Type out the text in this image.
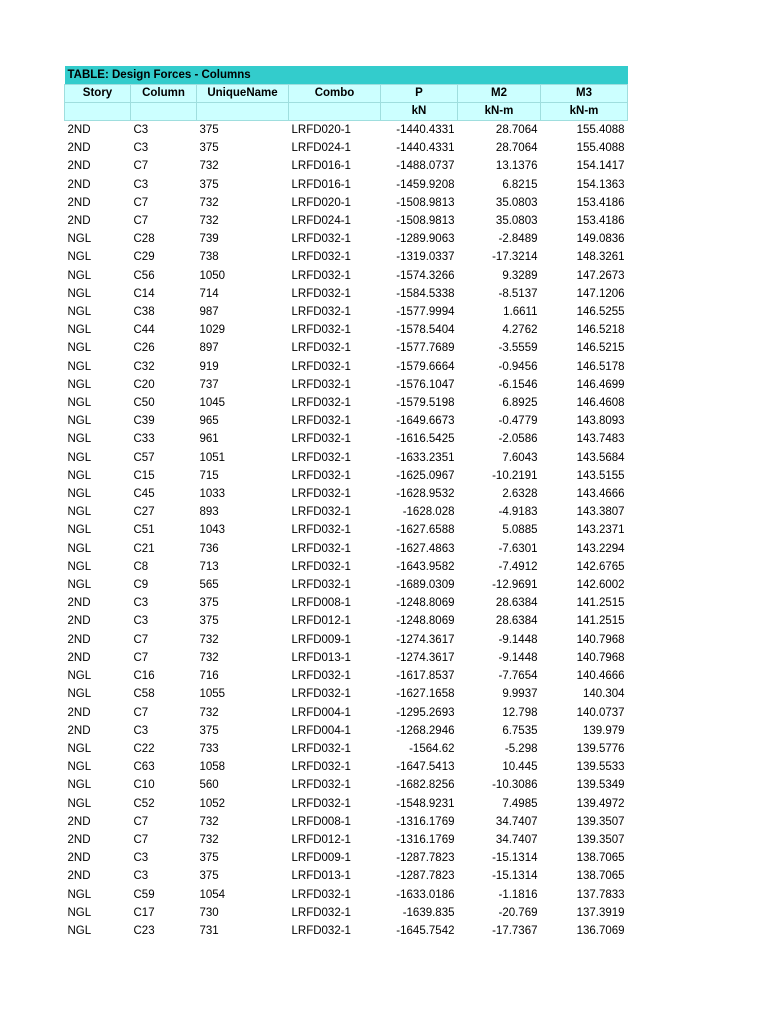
TABLE: Design Forces - Columns						
Story	Column	UniqueName	Combo	P	M2	M3
				kN	kN-m	kN-m
2ND	C3	375	LRFD020-1	-1440.4331	28.7064	155.4088
2ND	C3	375	LRFD024-1	-1440.4331	28.7064	155.4088
2ND	C7	732	LRFD016-1	-1488.0737	13.1376	154.1417
2ND	C3	375	LRFD016-1	-1459.9208	6.8215	154.1363
2ND	C7	732	LRFD020-1	-1508.9813	35.0803	153.4186
2ND	C7	732	LRFD024-1	-1508.9813	35.0803	153.4186
NGL	C28	739	LRFD032-1	-1289.9063	-2.8489	149.0836
NGL	C29	738	LRFD032-1	-1319.0337	-17.3214	148.3261
NGL	C56	1050	LRFD032-1	-1574.3266	9.3289	147.2673
NGL	C14	714	LRFD032-1	-1584.5338	-8.5137	147.1206
NGL	C38	987	LRFD032-1	-1577.9994	1.6611	146.5255
NGL	C44	1029	LRFD032-1	-1578.5404	4.2762	146.5218
NGL	C26	897	LRFD032-1	-1577.7689	-3.5559	146.5215
NGL	C32	919	LRFD032-1	-1579.6664	-0.9456	146.5178
NGL	C20	737	LRFD032-1	-1576.1047	-6.1546	146.4699
NGL	C50	1045	LRFD032-1	-1579.5198	6.8925	146.4608
NGL	C39	965	LRFD032-1	-1649.6673	-0.4779	143.8093
NGL	C33	961	LRFD032-1	-1616.5425	-2.0586	143.7483
NGL	C57	1051	LRFD032-1	-1633.2351	7.6043	143.5684
NGL	C15	715	LRFD032-1	-1625.0967	-10.2191	143.5155
NGL	C45	1033	LRFD032-1	-1628.9532	2.6328	143.4666
NGL	C27	893	LRFD032-1	-1628.028	-4.9183	143.3807
NGL	C51	1043	LRFD032-1	-1627.6588	5.0885	143.2371
NGL	C21	736	LRFD032-1	-1627.4863	-7.6301	143.2294
NGL	C8	713	LRFD032-1	-1643.9582	-7.4912	142.6765
NGL	C9	565	LRFD032-1	-1689.0309	-12.9691	142.6002
2ND	C3	375	LRFD008-1	-1248.8069	28.6384	141.2515
2ND	C3	375	LRFD012-1	-1248.8069	28.6384	141.2515
2ND	C7	732	LRFD009-1	-1274.3617	-9.1448	140.7968
2ND	C7	732	LRFD013-1	-1274.3617	-9.1448	140.7968
NGL	C16	716	LRFD032-1	-1617.8537	-7.7654	140.4666
NGL	C58	1055	LRFD032-1	-1627.1658	9.9937	140.304
2ND	C7	732	LRFD004-1	-1295.2693	12.798	140.0737
2ND	C3	375	LRFD004-1	-1268.2946	6.7535	139.979
NGL	C22	733	LRFD032-1	-1564.62	-5.298	139.5776
NGL	C63	1058	LRFD032-1	-1647.5413	10.445	139.5533
NGL	C10	560	LRFD032-1	-1682.8256	-10.3086	139.5349
NGL	C52	1052	LRFD032-1	-1548.9231	7.4985	139.4972
2ND	C7	732	LRFD008-1	-1316.1769	34.7407	139.3507
2ND	C7	732	LRFD012-1	-1316.1769	34.7407	139.3507
2ND	C3	375	LRFD009-1	-1287.7823	-15.1314	138.7065
2ND	C3	375	LRFD013-1	-1287.7823	-15.1314	138.7065
NGL	C59	1054	LRFD032-1	-1633.0186	-1.1816	137.7833
NGL	C17	730	LRFD032-1	-1639.835	-20.769	137.3919
NGL	C23	731	LRFD032-1	-1645.7542	-17.7367	136.7069
